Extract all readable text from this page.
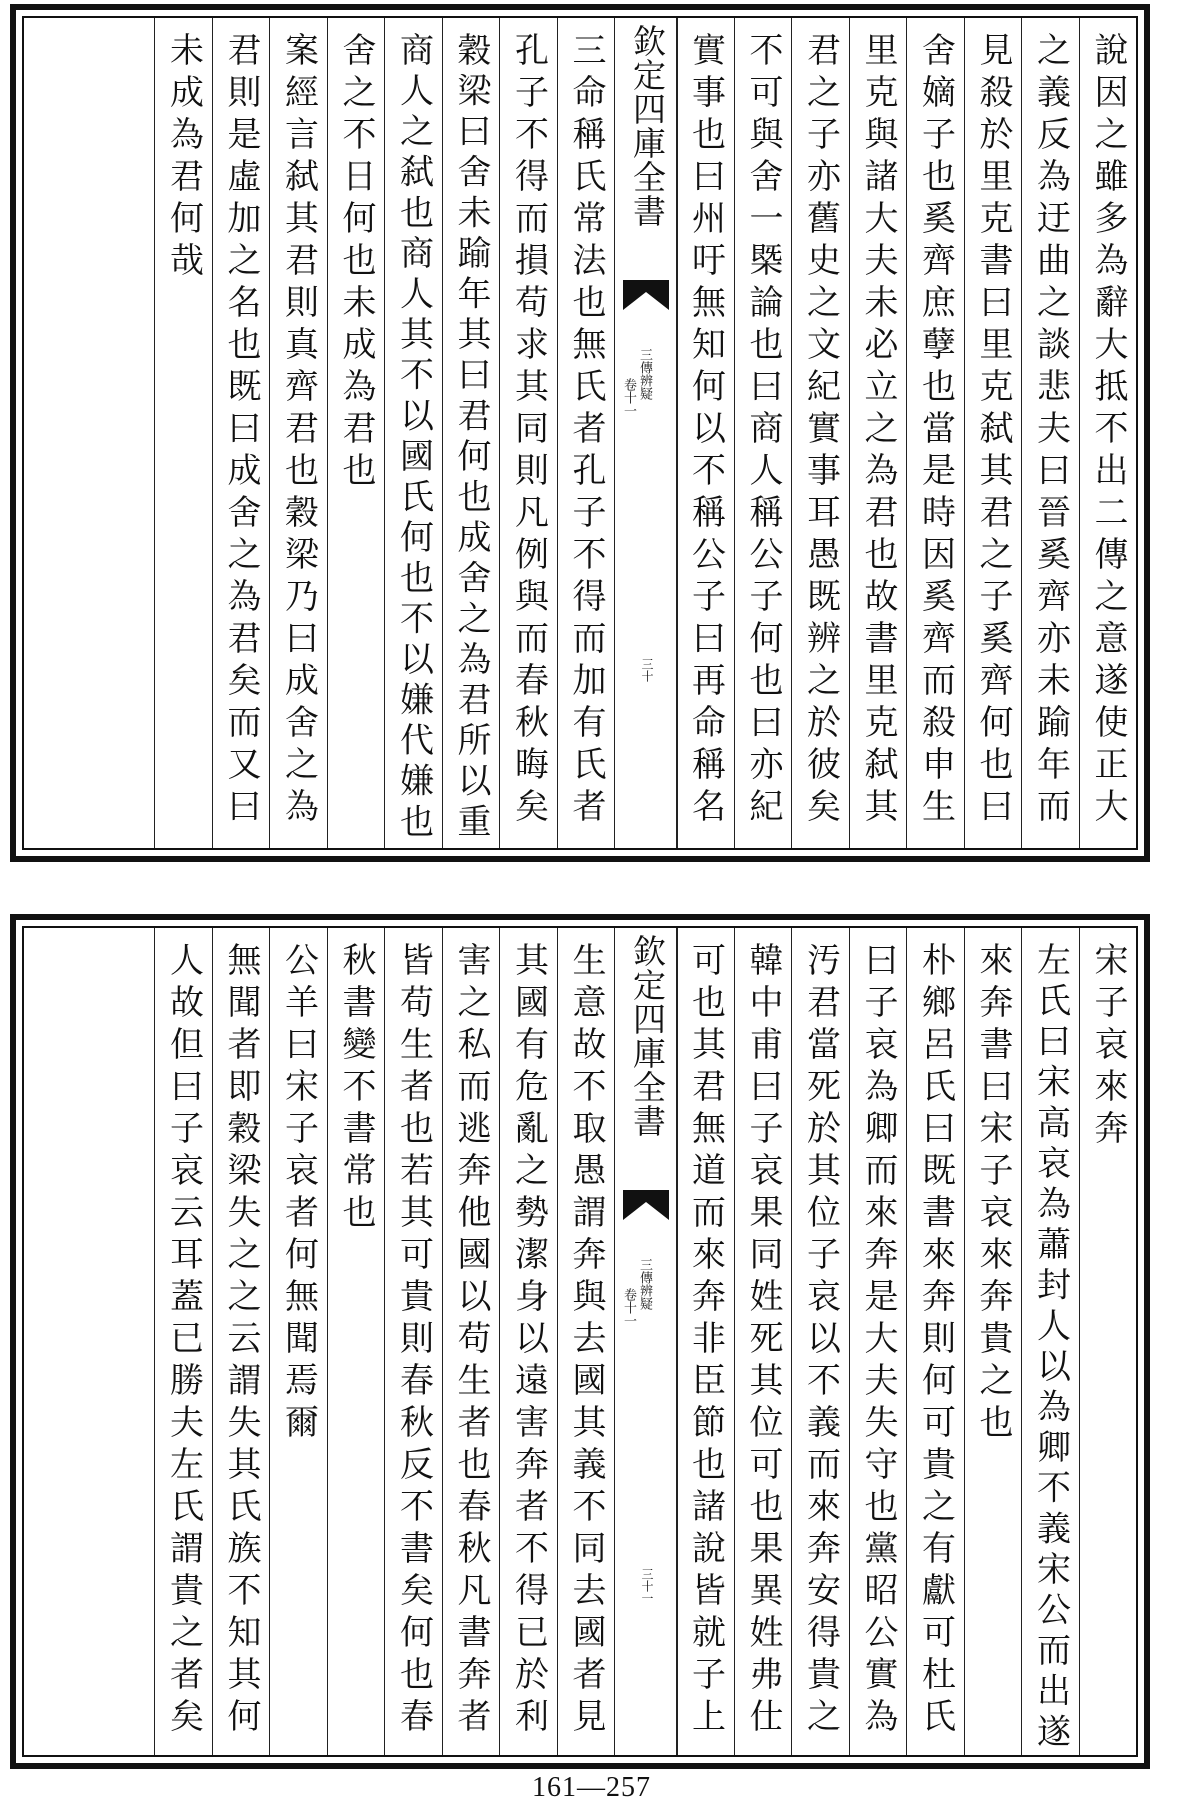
說因之雖多為辭大抵不出二傳之意遂使正大
之義反為迂曲之談悲夫曰晉奚齊亦未踰年而
見殺於里克書曰里克弑其君之子奚齊何也曰
舍嫡子也奚齊庶孽也當是時因奚齊而殺申生
里克與諸大夫未必立之為君也故書里克弑其
君之子亦舊史之文紀實事耳愚既辨之於彼矣
不可與舍一槩論也曰商人稱公子何也曰亦紀
實事也曰州吁無知何以不稱公子曰再命稱名
欽定四庫全書
三傳辨疑
卷十一
三十
三命稱氏常法也無氏者孔子不得而加有氏者
孔子不得而損苟求其同則凡例與而春秋晦矣
穀梁曰舍未踰年其曰君何也成舍之為君所以重
商人之弑也商人其不以國氏何也不以嫌代嫌也
舍之不日何也未成為君也
案經言弑其君則真齊君也穀梁乃曰成舍之為
君則是虛加之名也既曰成舍之為君矣而又曰
未成為君何哉
宋子哀來奔
左氏曰宋高哀為蕭封人以為卿不義宋公而出遂
來奔書曰宋子哀來奔貴之也
朴鄉呂氏曰既書來奔則何可貴之有獻可杜氏
曰子哀為卿而來奔是大夫失守也黨昭公實為
汚君當死於其位子哀以不義而來奔安得貴之
韓中甫曰子哀果同姓死其位可也果異姓弗仕
可也其君無道而來奔非臣節也諸說皆就子上
欽定四庫全書
三傳辨疑
卷十一
三十一
生意故不取愚謂奔與去國其義不同去國者見
其國有危亂之勢潔身以遠害奔者不得已於利
害之私而逃奔他國以苟生者也春秋凡書奔者
皆苟生者也若其可貴則春秋反不書矣何也春
秋書變不書常也
公羊曰宋子哀者何無聞焉爾
無聞者即穀梁失之之云謂失其氏族不知其何
人故但曰子哀云耳蓋已勝夫左氏謂貴之者矣
161—257
